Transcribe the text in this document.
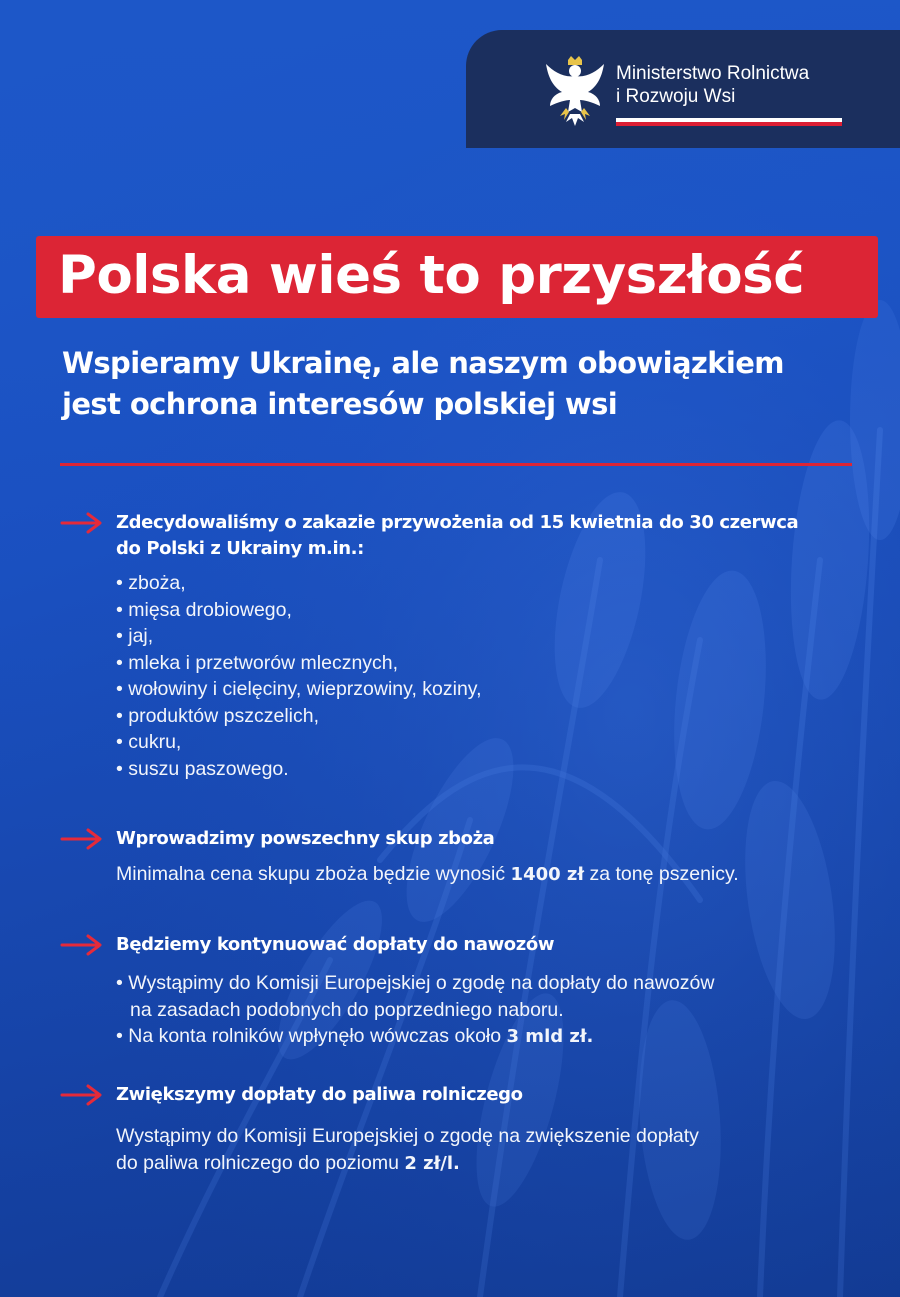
Ministerstwo Rolnictwa
i Rozwoju Wsi
Polska wieś to przyszłość
Wspieramy Ukrainę, ale naszym obowiązkiem
jest ochrona interesów polskiej wsi
Zdecydowaliśmy o zakazie przywożenia od 15 kwietnia do 30 czerwca
do Polski z Ukrainy m.in.:
• zboża,
• mięsa drobiowego,
• jaj,
• mleka i przetworów mlecznych,
• wołowiny i cielęciny, wieprzowiny, koziny,
• produktów pszczelich,
• cukru,
• suszu paszowego.
Wprowadzimy powszechny skup zboża
Minimalna cena skupu zboża będzie wynosić 1400 zł za tonę pszenicy.
Będziemy kontynuować dopłaty do nawozów
• Wystąpimy do Komisji Europejskiej o zgodę na dopłaty do nawozów
na zasadach podobnych do poprzedniego naboru.
• Na konta rolników wpłynęło wówczas około 3 mld zł.
Zwiększymy dopłaty do paliwa rolniczego
Wystąpimy do Komisji Europejskiej o zgodę na zwiększenie dopłaty
do paliwa rolniczego do poziomu 2 zł/l.
